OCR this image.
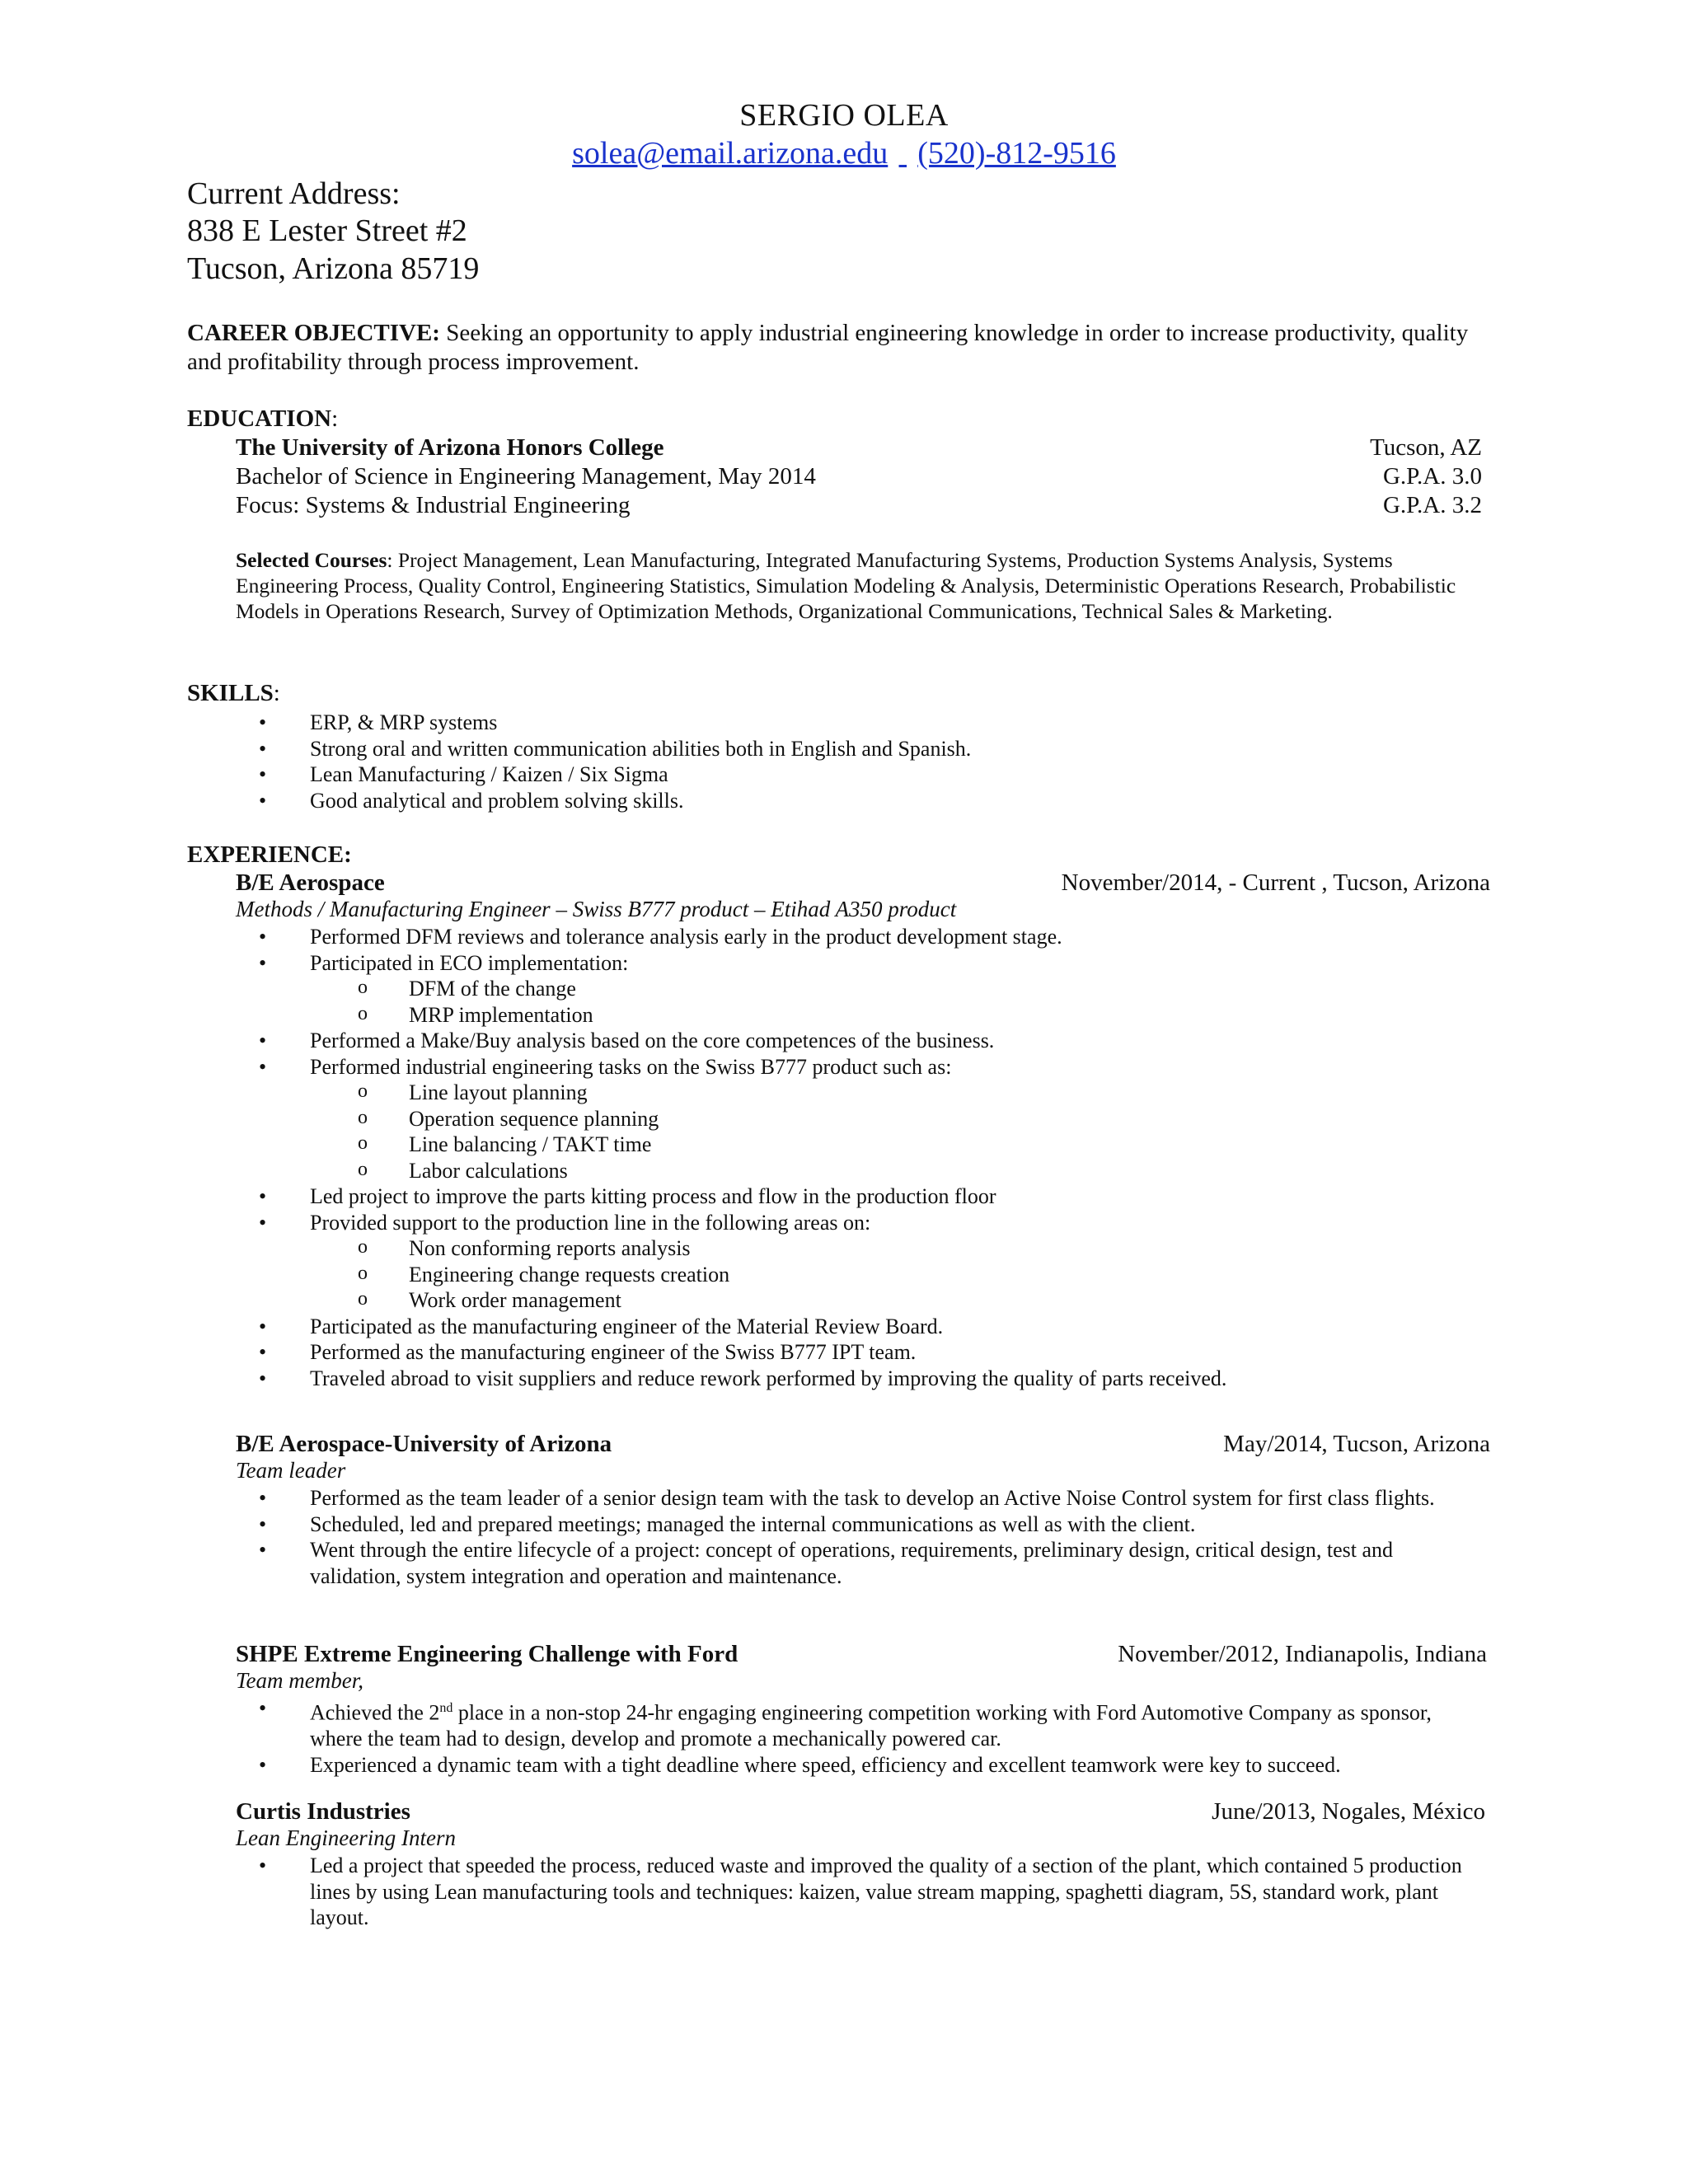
SERGIO OLEA
solea@email.arizona.edu (520)-812-9516
Current Address:
838 E Lester Street #2
Tucson, Arizona 85719
CAREER OBJECTIVE: Seeking an opportunity to apply industrial engineering knowledge in order to increase productivity, quality and profitability through process improvement.
EDUCATION:
The University of Arizona Honors College	Tucson, AZ
Bachelor of Science in Engineering Management, May 2014	G.P.A. 3.0
Focus: Systems & Industrial Engineering	G.P.A. 3.2
Selected Courses: Project Management, Lean Manufacturing, Integrated Manufacturing Systems, Production Systems Analysis, Systems Engineering Process, Quality Control, Engineering Statistics, Simulation Modeling & Analysis, Deterministic Operations Research, Probabilistic Models in Operations Research, Survey of Optimization Methods, Organizational Communications, Technical Sales & Marketing.
SKILLS:
• ERP, & MRP systems
• Strong oral and written communication abilities both in English and Spanish.
• Lean Manufacturing / Kaizen / Six Sigma
• Good analytical and problem solving skills.
EXPERIENCE:
B/E Aerospace	November/2014, - Current , Tucson, Arizona
Methods / Manufacturing Engineer – Swiss B777 product – Etihad A350 product
• Performed DFM reviews and tolerance analysis early in the product development stage.
• Participated in ECO implementation:
o DFM of the change
o MRP implementation
• Performed a Make/Buy analysis based on the core competences of the business.
• Performed industrial engineering tasks on the Swiss B777 product such as:
o Line layout planning
o Operation sequence planning
o Line balancing / TAKT time
o Labor calculations
• Led project to improve the parts kitting process and flow in the production floor
• Provided support to the production line in the following areas on:
o Non conforming reports analysis
o Engineering change requests creation
o Work order management
• Participated as the manufacturing engineer of the Material Review Board.
• Performed as the manufacturing engineer of the Swiss B777 IPT team.
• Traveled abroad to visit suppliers and reduce rework performed by improving the quality of parts received.
B/E Aerospace-University of Arizona	May/2014, Tucson, Arizona
Team leader
• Performed as the team leader of a senior design team with the task to develop an Active Noise Control system for first class flights.
• Scheduled, led and prepared meetings; managed the internal communications as well as with the client.
• Went through the entire lifecycle of a project: concept of operations, requirements, preliminary design, critical design, test and validation, system integration and operation and maintenance.
SHPE Extreme Engineering Challenge with Ford	November/2012, Indianapolis, Indiana
Team member,
• Achieved the 2nd place in a non-stop 24-hr engaging engineering competition working with Ford Automotive Company as sponsor, where the team had to design, develop and promote a mechanically powered car.
• Experienced a dynamic team with a tight deadline where speed, efficiency and excellent teamwork were key to succeed.
Curtis Industries	June/2013, Nogales, México
Lean Engineering Intern
• Led a project that speeded the process, reduced waste and improved the quality of a section of the plant, which contained 5 production lines by using Lean manufacturing tools and techniques: kaizen, value stream mapping, spaghetti diagram, 5S, standard work, plant layout.
